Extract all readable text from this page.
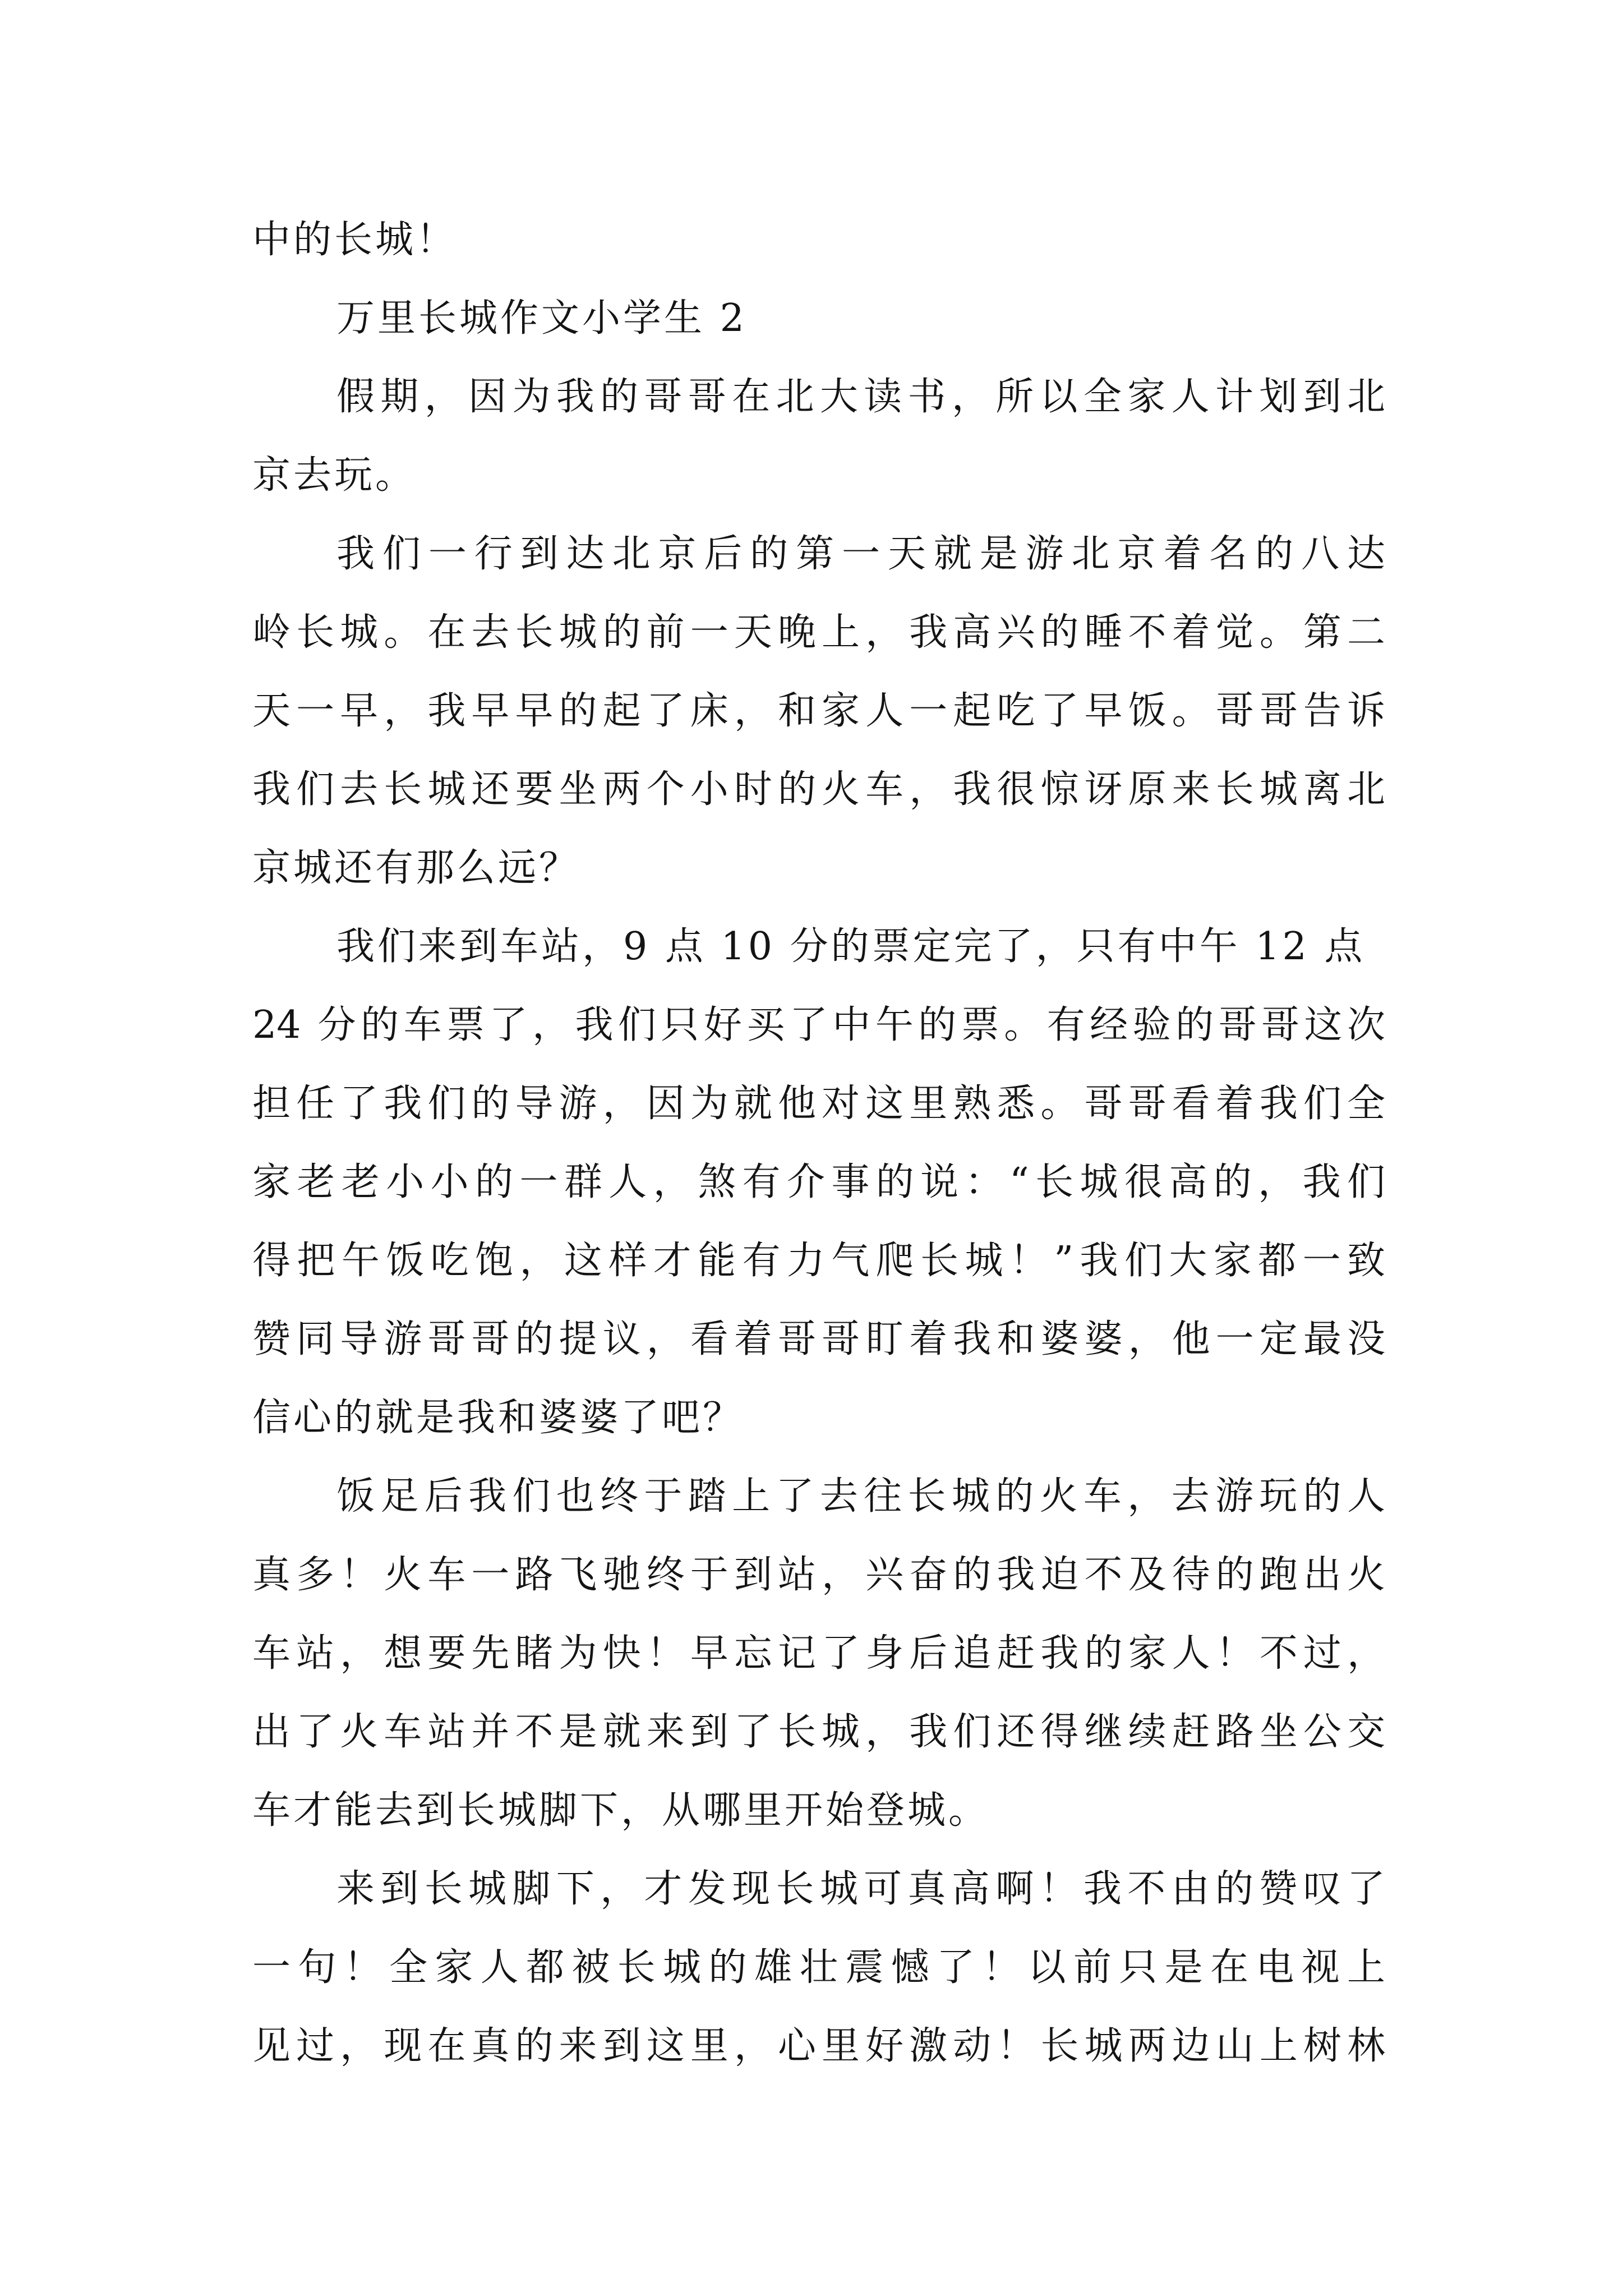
中的长城！
万里长城作文小学生 2
假期，因为我的哥哥在北大读书，所以全家人计划到北
京去玩。
我们一行到达北京后的第一天就是游北京着名的八达
岭长城。在去长城的前一天晚上，我高兴的睡不着觉。第二
天一早，我早早的起了床，和家人一起吃了早饭。哥哥告诉
我们去长城还要坐两个小时的火车，我很惊讶原来长城离北
京城还有那么远？
我们来到车站，9 点 10 分的票定完了，只有中午 12 点
24 分的车票了，我们只好买了中午的票。有经验的哥哥这次
担任了我们的导游，因为就他对这里熟悉。哥哥看着我们全
家老老小小的一群人，煞有介事的说：“长城很高的，我们
得把午饭吃饱，这样才能有力气爬长城！”我们大家都一致
赞同导游哥哥的提议，看着哥哥盯着我和婆婆，他一定最没
信心的就是我和婆婆了吧？
饭足后我们也终于踏上了去往长城的火车，去游玩的人
真多！火车一路飞驰终于到站，兴奋的我迫不及待的跑出火
车站，想要先睹为快！早忘记了身后追赶我的家人！不过，
出了火车站并不是就来到了长城，我们还得继续赶路坐公交
车才能去到长城脚下，从哪里开始登城。
来到长城脚下，才发现长城可真高啊！我不由的赞叹了
一句！全家人都被长城的雄壮震憾了！以前只是在电视上
见过，现在真的来到这里，心里好激动！长城两边山上树林
